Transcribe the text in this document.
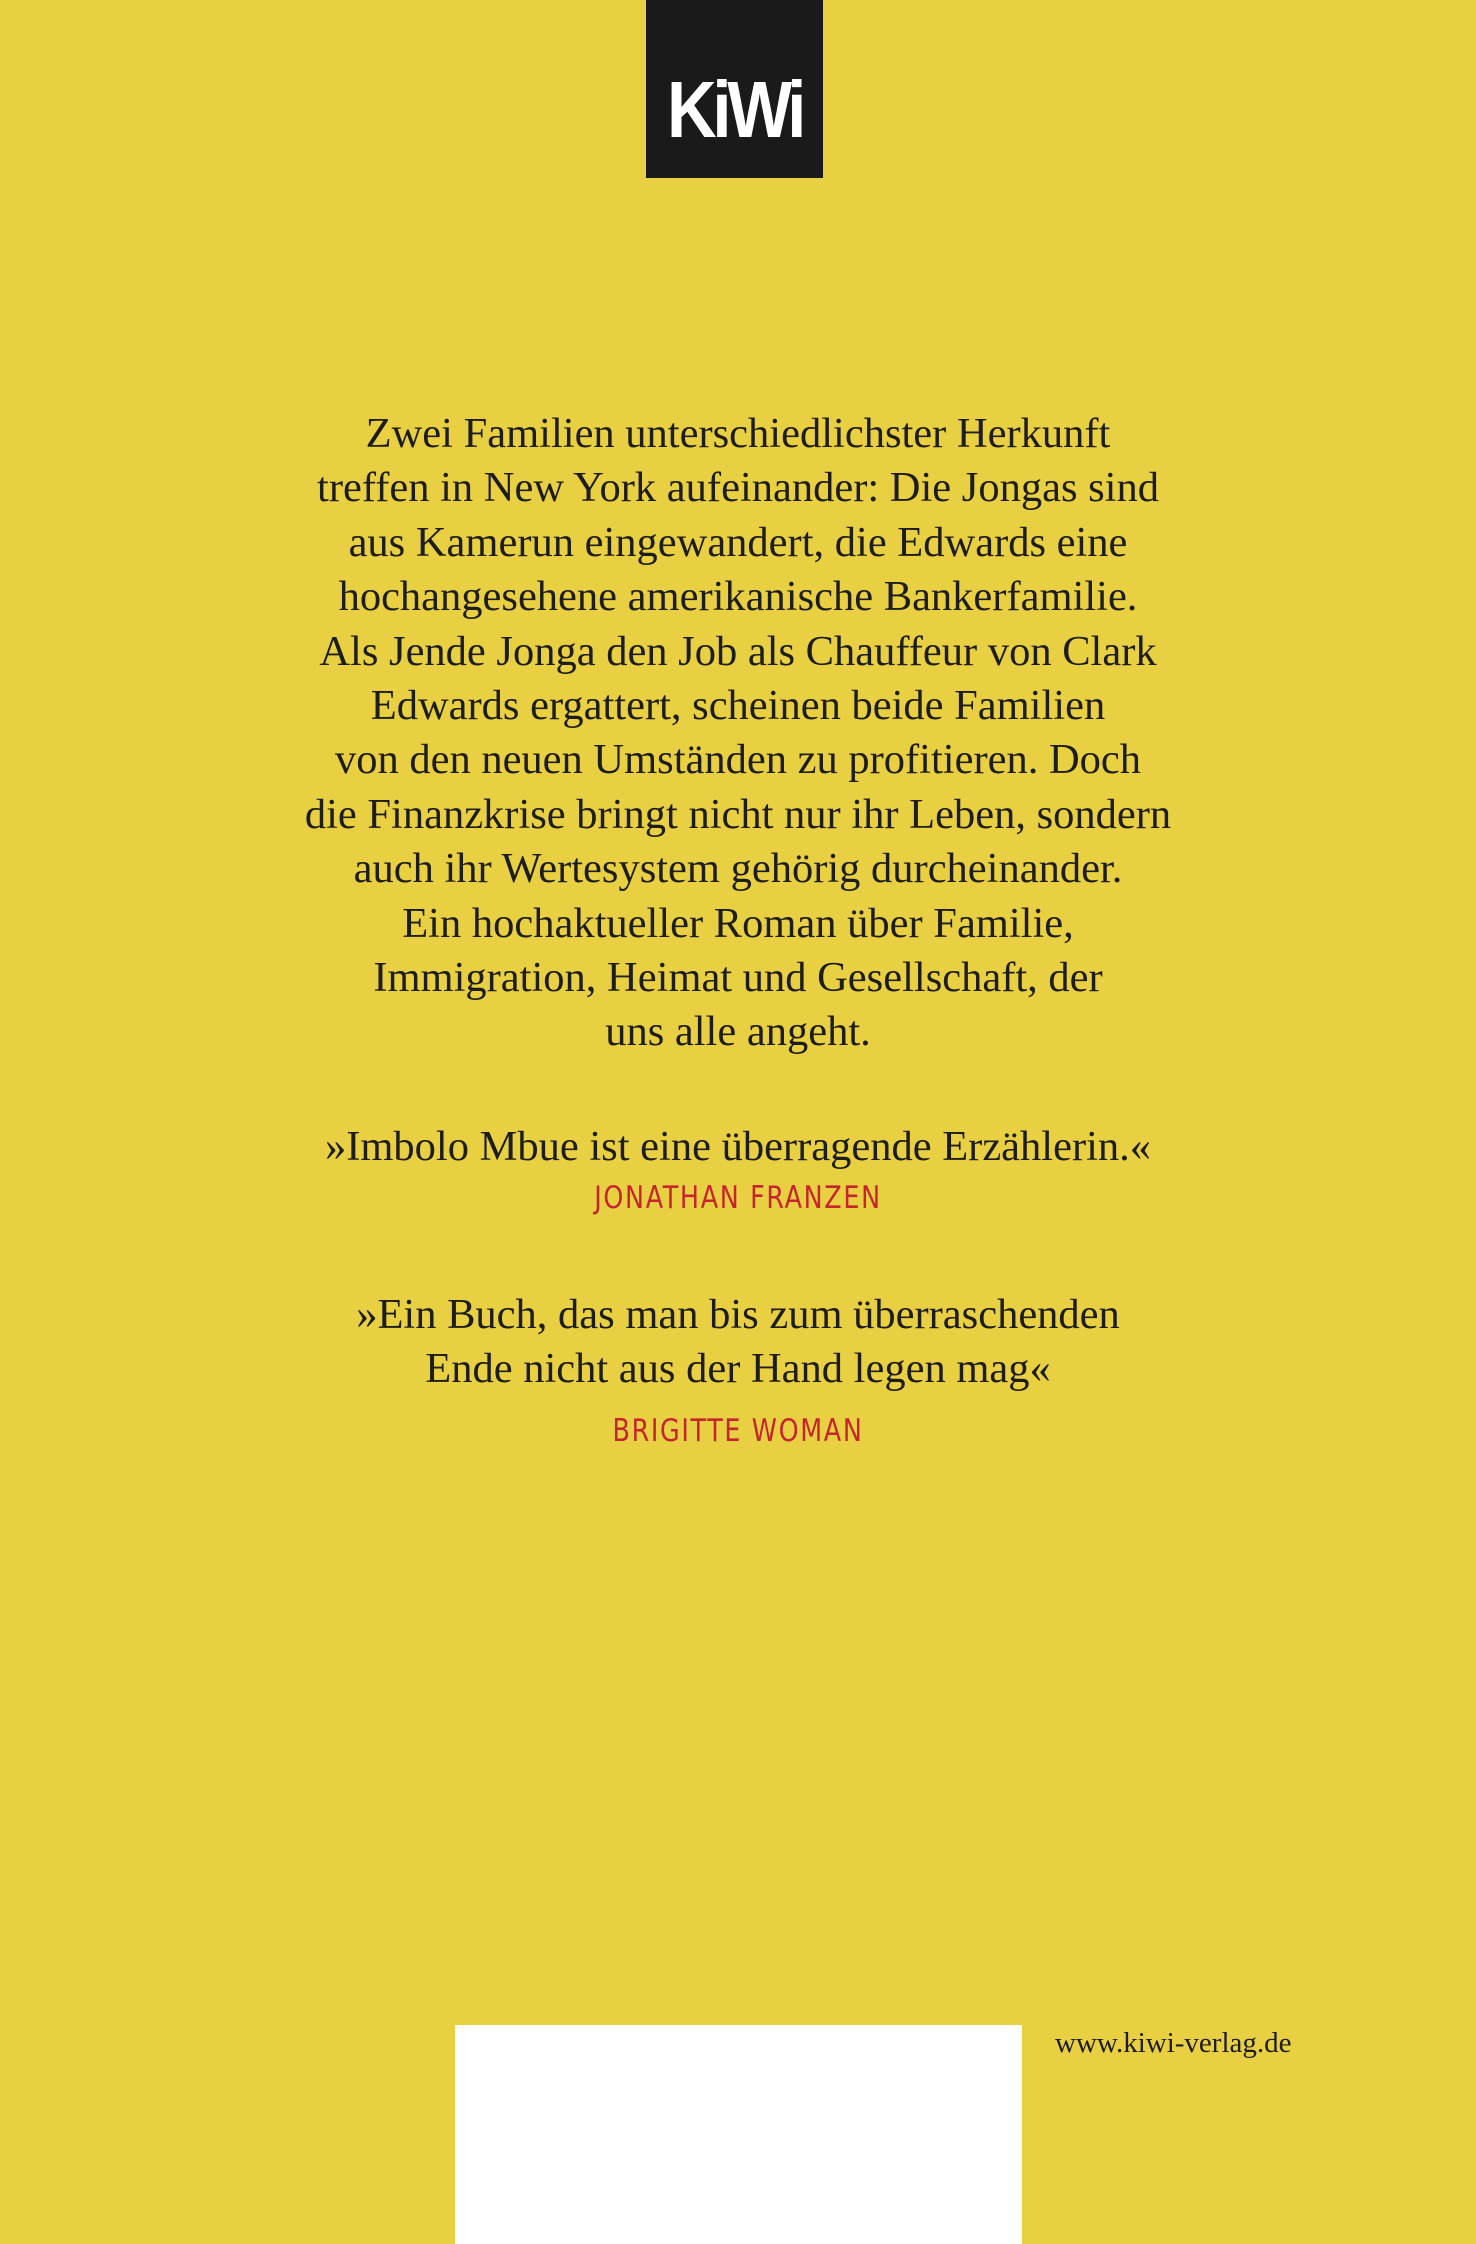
KiWi

Zwei Familien unterschiedlichster Herkunft
treffen in New York aufeinander: Die Jongas sind
aus Kamerun eingewandert, die Edwards eine
hochangesehene amerikanische Bankerfamilie.
Als Jende Jonga den Job als Chauffeur von Clark
Edwards ergattert, scheinen beide Familien
von den neuen Umständen zu profitieren. Doch
die Finanzkrise bringt nicht nur ihr Leben, sondern
auch ihr Wertesystem gehörig durcheinander.
Ein hochaktueller Roman über Familie,
Immigration, Heimat und Gesellschaft, der
uns alle angeht.

»Imbolo Mbue ist eine überragende Erzählerin.«

JONATHAN FRANZEN

»Ein Buch, das man bis zum überraschenden
Ende nicht aus der Hand legen mag«

BRIGITTE WOMAN

www.kiwi-verlag.de
